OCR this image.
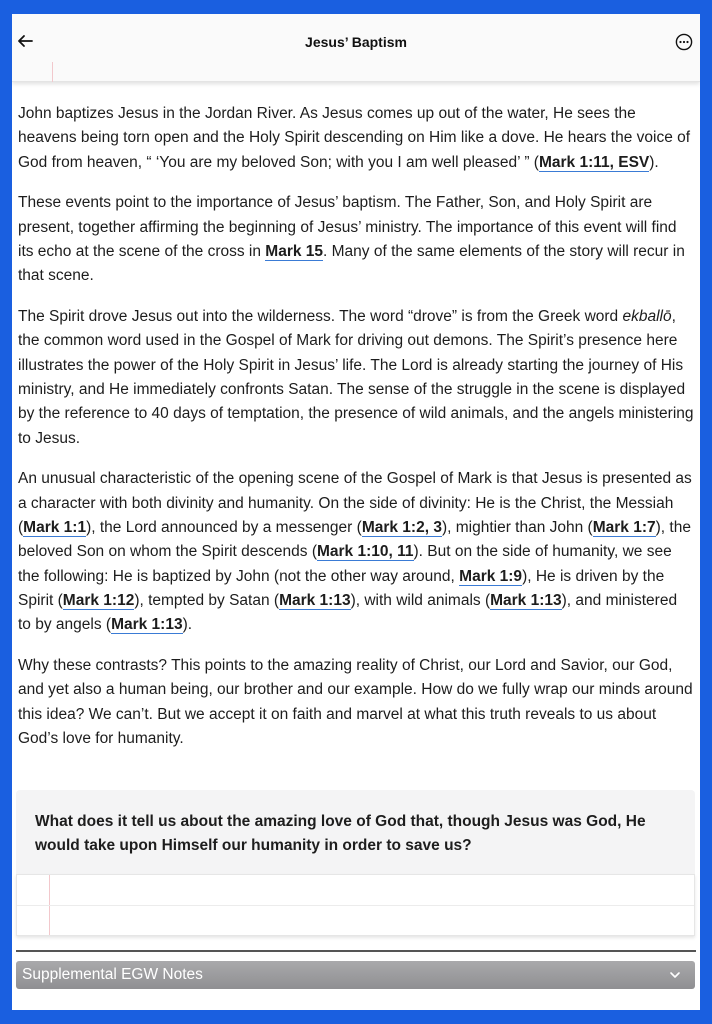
Jesus’ Baptism

John baptizes Jesus in the Jordan River. As Jesus comes up out of the water, He sees the heavens being torn open and the Holy Spirit descending on Him like a dove. He hears the voice of God from heaven, “ ‘You are my beloved Son; with you I am well pleased’ ” (Mark 1:11, ESV).

These events point to the importance of Jesus’ baptism. The Father, Son, and Holy Spirit are present, together affirming the beginning of Jesus’ ministry. The importance of this event will find its echo at the scene of the cross in Mark 15. Many of the same elements of the story will recur in that scene.

The Spirit drove Jesus out into the wilderness. The word “drove” is from the Greek word ekballō, the common word used in the Gospel of Mark for driving out demons. The Spirit’s presence here illustrates the power of the Holy Spirit in Jesus’ life. The Lord is already starting the journey of His ministry, and He immediately confronts Satan. The sense of the struggle in the scene is displayed by the reference to 40 days of temptation, the presence of wild animals, and the angels ministering to Jesus.

An unusual characteristic of the opening scene of the Gospel of Mark is that Jesus is presented as a character with both divinity and humanity. On the side of divinity: He is the Christ, the Messiah (Mark 1:1), the Lord announced by a messenger (Mark 1:2, 3), mightier than John (Mark 1:7), the beloved Son on whom the Spirit descends (Mark 1:10, 11). But on the side of humanity, we see the following: He is baptized by John (not the other way around, Mark 1:9), He is driven by the Spirit (Mark 1:12), tempted by Satan (Mark 1:13), with wild animals (Mark 1:13), and ministered to by angels (Mark 1:13).

Why these contrasts? This points to the amazing reality of Christ, our Lord and Savior, our God, and yet also a human being, our brother and our example. How do we fully wrap our minds around this idea? We can’t. But we accept it on faith and marvel at what this truth reveals to us about God’s love for humanity.

What does it tell us about the amazing love of God that, though Jesus was God, He would take upon Himself our humanity in order to save us?
Supplemental EGW Notes
